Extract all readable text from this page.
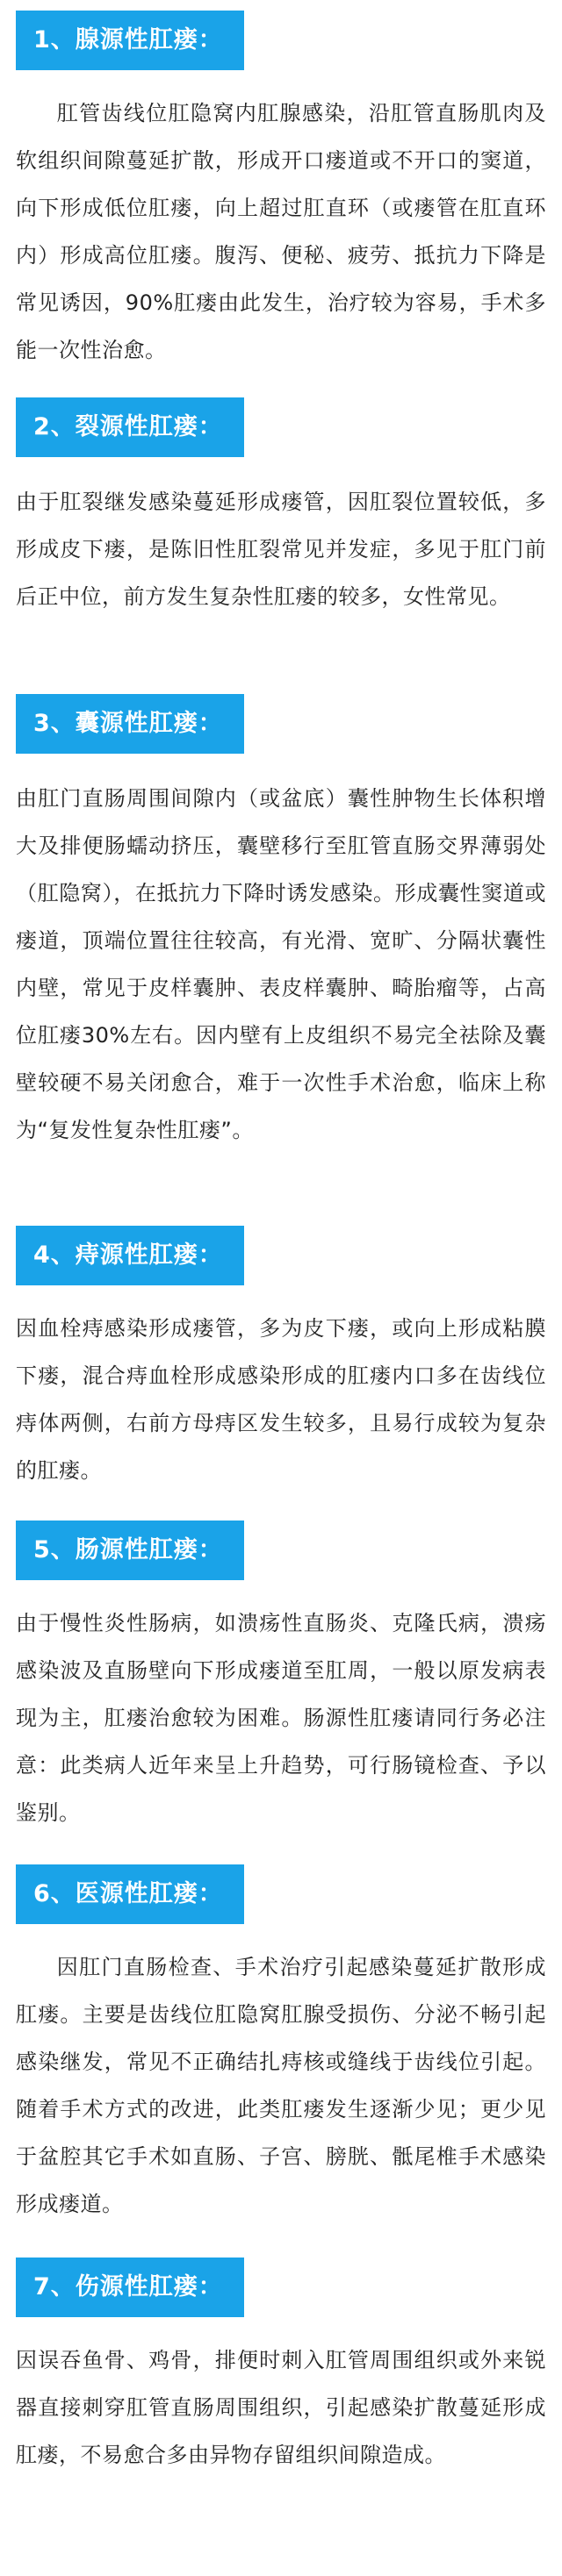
1、腺源性肛瘘：
肛管齿线位肛隐窝内肛腺感染，沿肛管直肠肌肉及软组织间隙蔓延扩散，形成开口瘘道或不开口的窦道，向下形成低位肛瘘，向上超过肛直环（或瘘管在肛直环内）形成高位肛瘘。腹泻、便秘、疲劳、抵抗力下降是常见诱因，90%肛瘘由此发生，治疗较为容易，手术多能一次性治愈。
2、裂源性肛瘘：
由于肛裂继发感染蔓延形成瘘管，因肛裂位置较低，多形成皮下瘘，是陈旧性肛裂常见并发症，多见于肛门前后正中位，前方发生复杂性肛瘘的较多，女性常见。
3、囊源性肛瘘：
由肛门直肠周围间隙内（或盆底）囊性肿物生长体积增大及排便肠蠕动挤压，囊壁移行至肛管直肠交界薄弱处（肛隐窝），在抵抗力下降时诱发感染。形成囊性窦道或瘘道，顶端位置往往较高，有光滑、宽旷、分隔状囊性内壁，常见于皮样囊肿、表皮样囊肿、畸胎瘤等，占高位肛瘘30%左右。因内壁有上皮组织不易完全祛除及囊壁较硬不易关闭愈合，难于一次性手术治愈，临床上称为“复发性复杂性肛瘘”。
4、痔源性肛瘘：
因血栓痔感染形成瘘管，多为皮下瘘，或向上形成粘膜下瘘，混合痔血栓形成感染形成的肛瘘内口多在齿线位痔体两侧，右前方母痔区发生较多，且易行成较为复杂的肛瘘。
5、肠源性肛瘘：
由于慢性炎性肠病，如溃疡性直肠炎、克隆氏病，溃疡感染波及直肠壁向下形成瘘道至肛周，一般以原发病表现为主，肛瘘治愈较为困难。肠源性肛瘘请同行务必注意：此类病人近年来呈上升趋势，可行肠镜检查、予以鉴别。
6、医源性肛瘘：
因肛门直肠检查、手术治疗引起感染蔓延扩散形成肛瘘。主要是齿线位肛隐窝肛腺受损伤、分泌不畅引起感染继发，常见不正确结扎痔核或缝线于齿线位引起。随着手术方式的改进，此类肛瘘发生逐渐少见；更少见于盆腔其它手术如直肠、子宫、膀胱、骶尾椎手术感染形成瘘道。
7、伤源性肛瘘：
因误吞鱼骨、鸡骨，排便时刺入肛管周围组织或外来锐器直接刺穿肛管直肠周围组织，引起感染扩散蔓延形成肛瘘，不易愈合多由异物存留组织间隙造成。
